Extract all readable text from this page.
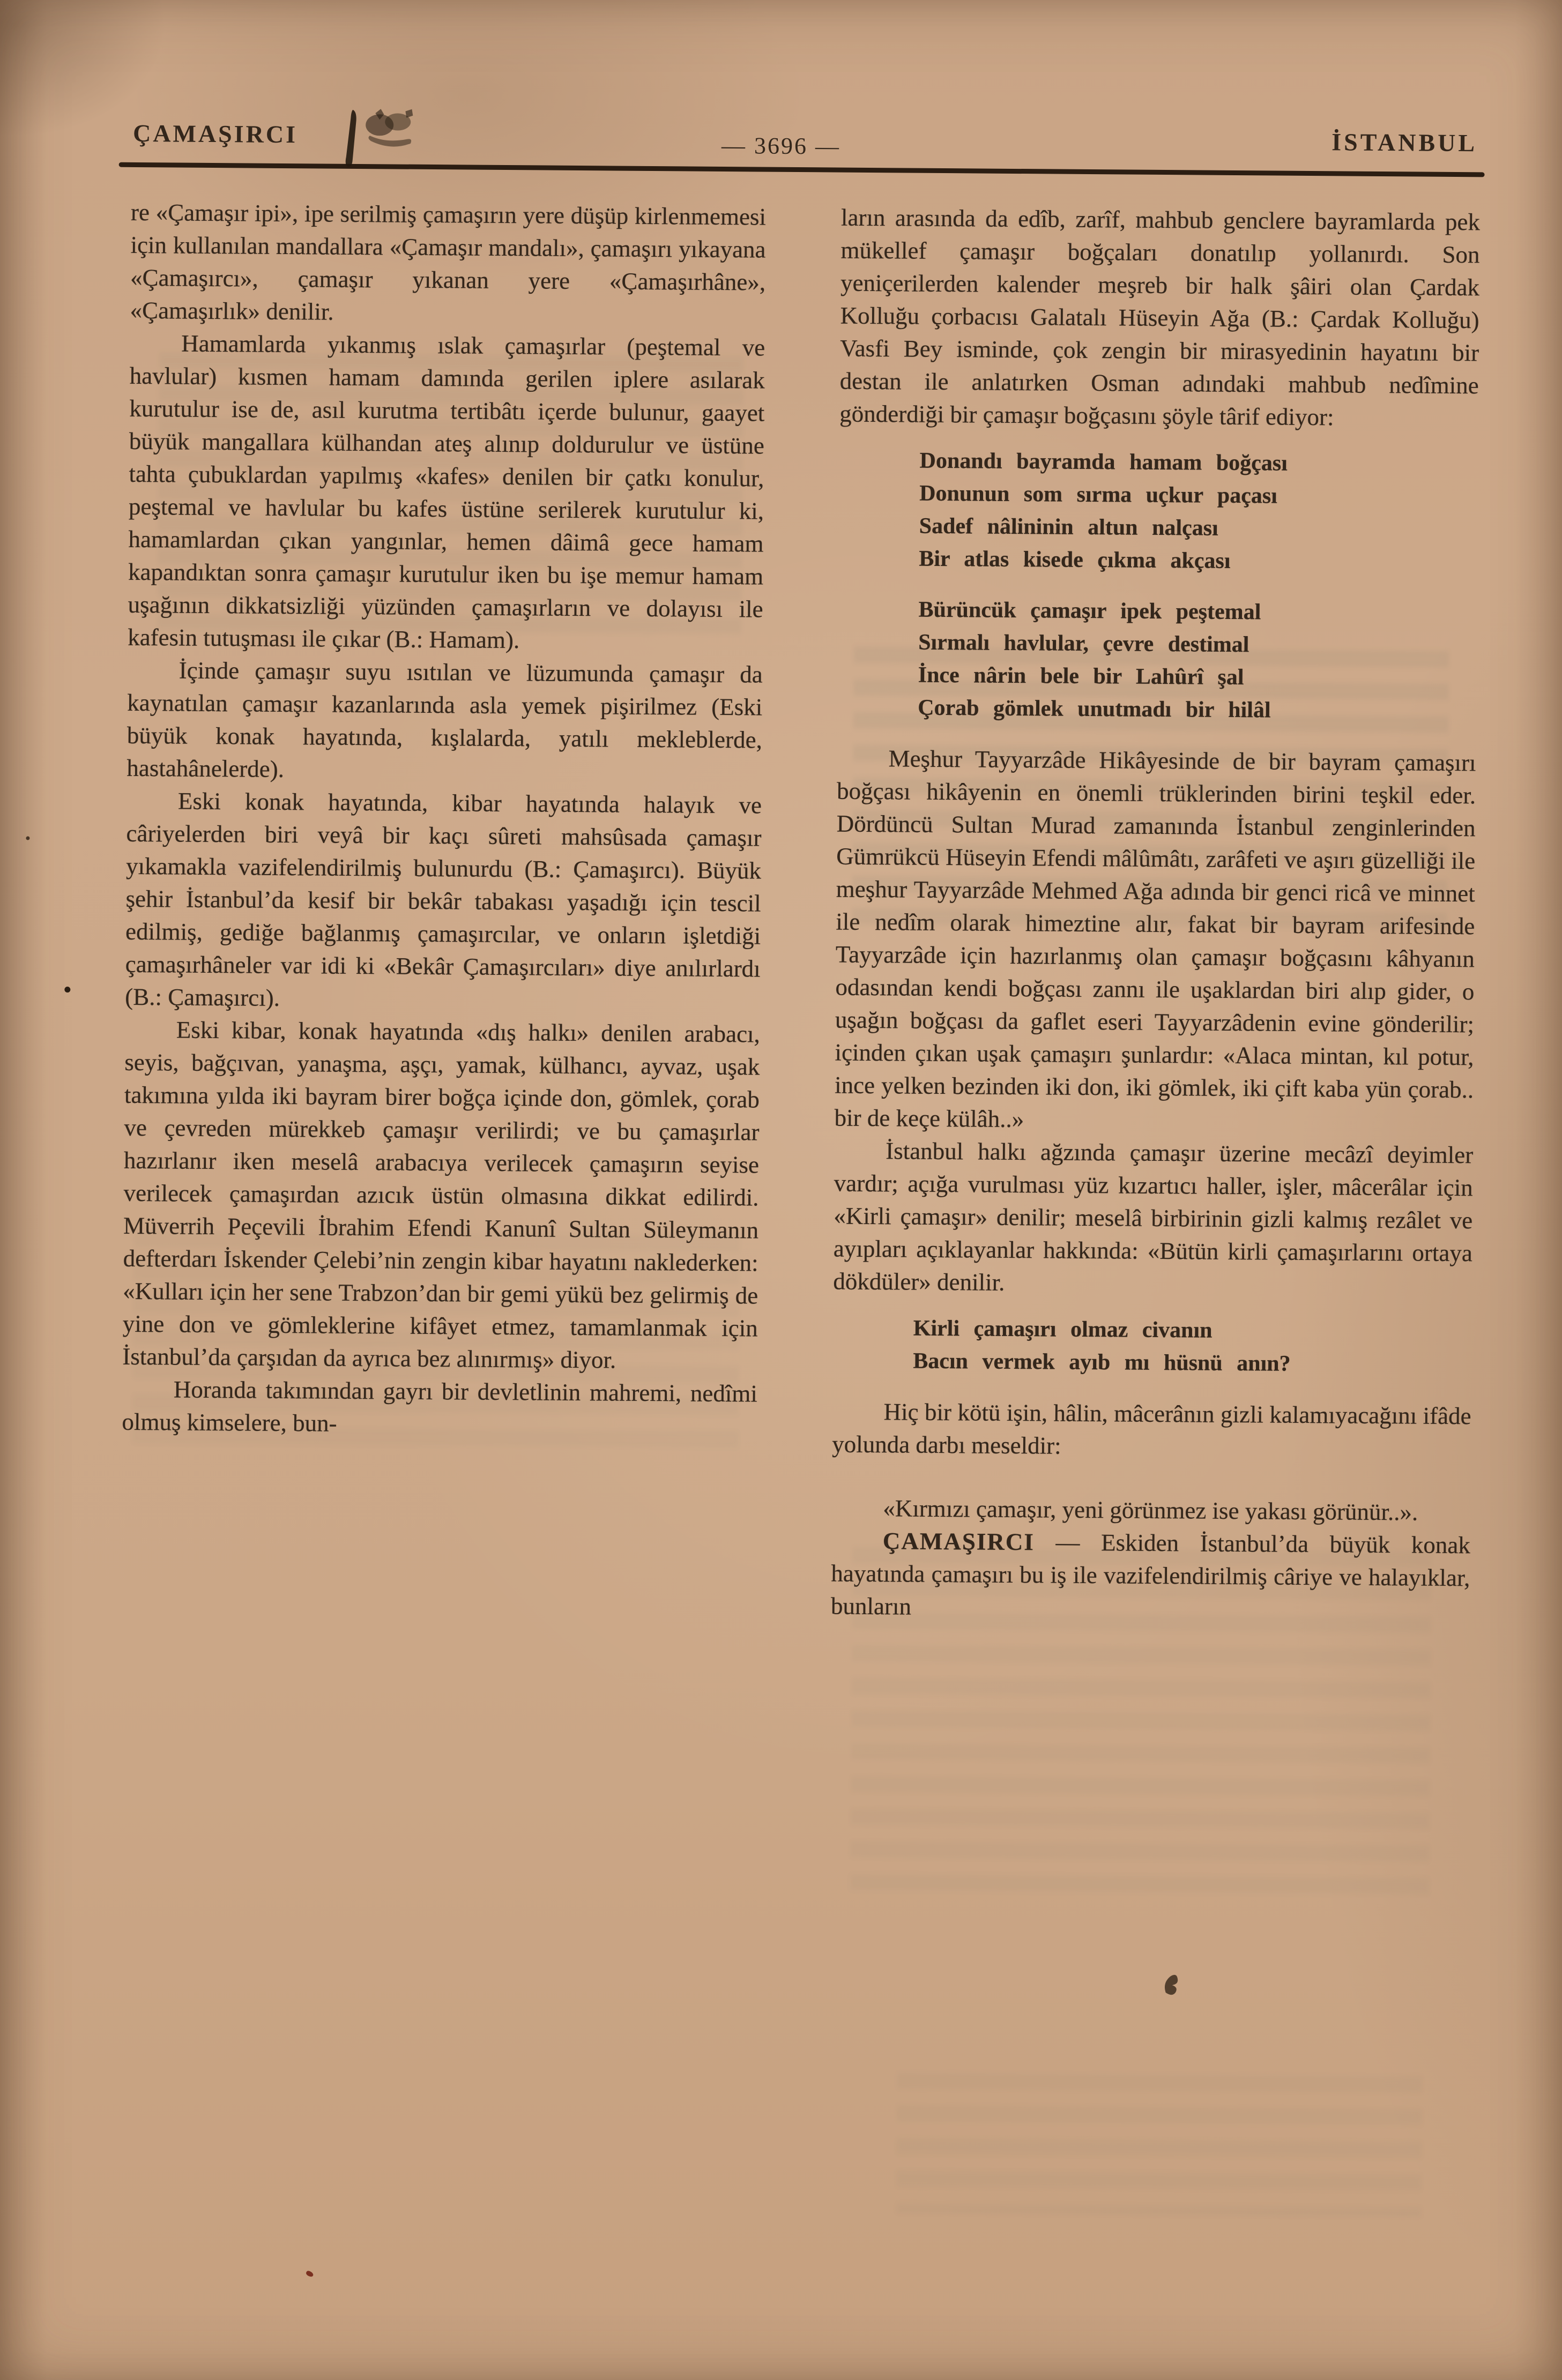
ÇAMAŞIRCI	— 3696 —	İSTANBUL

re «Çamaşır ipi», ipe serilmiş çamaşırın yere düşüp kirlenmemesi için kullanılan mandallara «Çamaşır mandalı», çamaşırı yıkayana «Çamaşırcı», çamaşır yıkanan yere «Çamaşırhâne», «Çamaşırlık» denilir.

Hamamlarda yıkanmış ıslak çamaşırlar (peştemal ve havlular) kısmen hamam damında gerilen iplere asılarak kurutulur ise de, asıl kurutma tertibâtı içerde bulunur, gaayet büyük mangallara külhandan ateş alınıp doldurulur ve üstüne tahta çubuklardan yapılmış «kafes» denilen bir çatkı konulur, peştemal ve havlular bu kafes üstüne serilerek kurutulur ki, hamamlardan çıkan yangınlar, hemen dâimâ gece hamam kapandıktan sonra çamaşır kurutulur iken bu işe memur hamam uşağının dikkatsizliği yüzünden çamaşırların ve dolayısı ile kafesin tutuşması ile çıkar (B.: Hamam).

İçinde çamaşır suyu ısıtılan ve lüzumunda çamaşır da kaynatılan çamaşır kazanlarında asla yemek pişirilmez (Eski büyük konak hayatında, kışlalarda, yatılı mekleblerde, hastahânelerde).

Eski konak hayatında, kibar hayatında halayık ve câriyelerden biri veyâ bir kaçı sûreti mahsûsada çamaşır yıkamakla vazifelendirilmiş bulunurdu (B.: Çamaşırcı). Büyük şehir İstanbul’da kesif bir bekâr tabakası yaşadığı için tescil edilmiş, gediğe bağlanmış çamaşırcılar, ve onların işletdiği çamaşırhâneler var idi ki «Bekâr Çamaşırcıları» diye anılırlardı (B.: Çamaşırcı).

Eski kibar, konak hayatında «dış halkı» denilen arabacı, seyis, bağçıvan, yanaşma, aşçı, yamak, külhancı, ayvaz, uşak takımına yılda iki bayram birer boğça içinde don, gömlek, çorab ve çevreden mürekkeb çamaşır verilirdi; ve bu çamaşırlar hazırlanır iken meselâ arabacıya verilecek çamaşırın seyise verilecek çamaşırdan azıcık üstün olmasına dikkat edilirdi. Müverrih Peçevili İbrahim Efendi Kanunî Sultan Süleymanın defterdarı İskender Çelebi’nin zengin kibar hayatını naklederken: «Kulları için her sene Trabzon’dan bir gemi yükü bez gelirmiş de yine don ve gömleklerine kifâyet etmez, tamamlanmak için İstanbul’da çarşıdan da ayrıca bez alınırmış» diyor.

Horanda takımından gayrı bir devletlinin mahremi, nedîmi olmuş kimselere, bun-

ların arasında da edîb, zarîf, mahbub genclere bayramlarda pek mükellef çamaşır boğçaları donatılıp yollanırdı. Son yeniçerilerden kalender meşreb bir halk şâiri olan Çardak Kolluğu çorbacısı Galatalı Hüseyin Ağa (B.: Çardak Kolluğu) Vasfi Bey isminde, çok zengin bir mirasyedinin hayatını bir destan ile anlatırken Osman adındaki mahbub nedîmine gönderdiği bir çamaşır boğçasını şöyle târif ediyor:

Donandı bayramda hamam boğçası
Donunun som sırma uçkur paçası
Sadef nâlininin altun nalçası
Bir atlas kisede çıkma akçası
Bürüncük çamaşır ipek peştemal
Sırmalı havlular, çevre destimal
İnce nârin bele bir Lahûrî şal
Çorab gömlek unutmadı bir hilâl

Meşhur Tayyarzâde Hikâyesinde de bir bayram çamaşırı boğçası hikâyenin en önemli trüklerinden birini teşkil eder. Dördüncü Sultan Murad zamanında İstanbul zenginlerinden Gümrükcü Hüseyin Efendi mâlûmâtı, zarâfeti ve aşırı güzelliği ile meşhur Tayyarzâde Mehmed Ağa adında bir genci ricâ ve minnet ile nedîm olarak himeztine alır, fakat bir bayram arifesinde Tayyarzâde için hazırlanmış olan çamaşır boğçasını kâhyanın odasından kendi boğçası zannı ile uşaklardan biri alıp gider, o uşağın boğçası da gaflet eseri Tayyarzâdenin evine gönderilir; içinden çıkan uşak çamaşırı şunlardır: «Alaca mintan, kıl potur, ince yelken bezinden iki don, iki gömlek, iki çift kaba yün çorab.. bir de keçe külâh..»

İstanbul halkı ağzında çamaşır üzerine mecâzî deyimler vardır; açığa vurulması yüz kızartıcı haller, işler, mâcerâlar için «Kirli çamaşır» denilir; meselâ birbirinin gizli kalmış rezâlet ve ayıpları açıklayanlar hakkında: «Bütün kirli çamaşırlarını ortaya dökdüler» denilir.

Kirli çamaşırı olmaz civanın
Bacın vermek ayıb mı hüsnü anın?

Hiç bir kötü işin, hâlin, mâcerânın gizli kalamıyacağını ifâde yolunda darbı meseldir:

«Kırmızı çamaşır, yeni görünmez ise yakası görünür..».

ÇAMAŞIRCI — Eskiden İstanbul’da büyük konak hayatında çamaşırı bu iş ile vazifelendirilmiş câriye ve halayıklar, bunların
